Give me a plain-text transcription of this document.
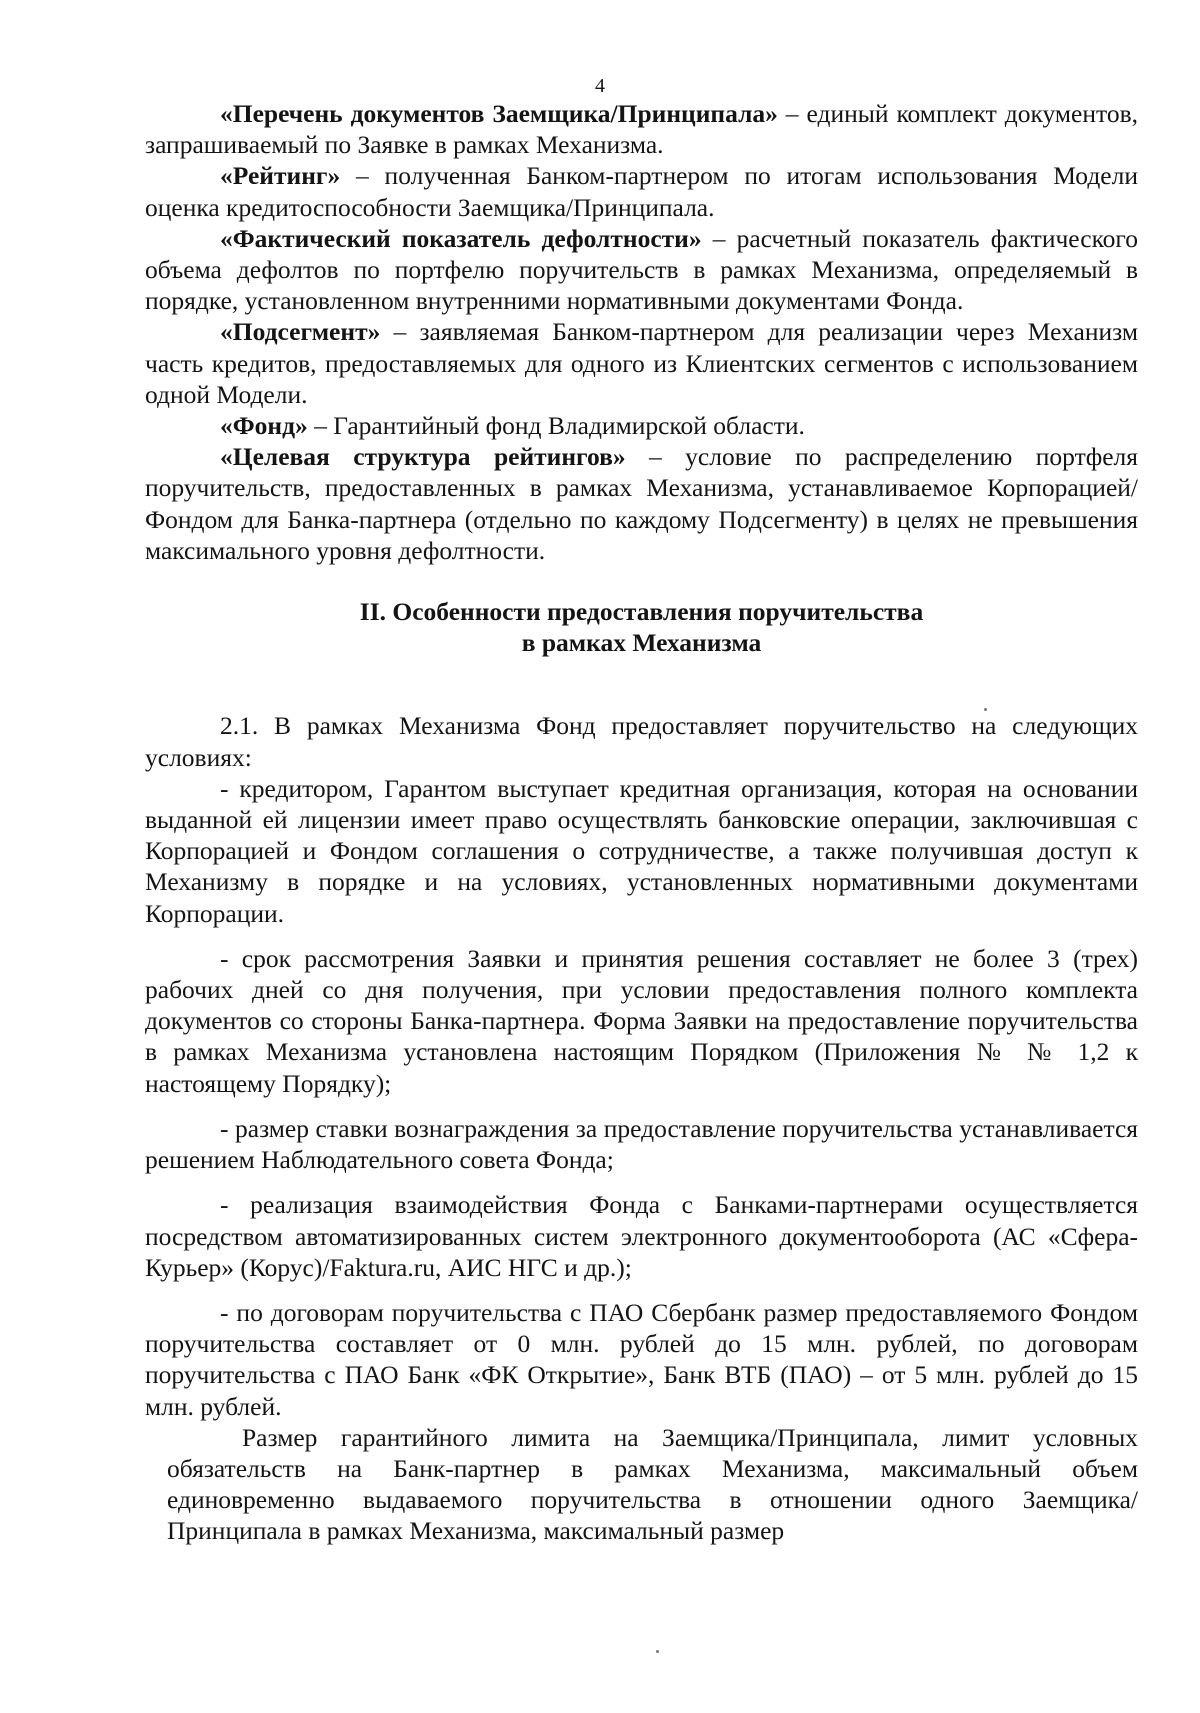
4

«Перечень документов Заемщика/Принципала» – единый комплект документов, запрашиваемый по Заявке в рамках Механизма.

«Рейтинг» – полученная Банком-партнером по итогам использования Модели оценка кредитоспособности Заемщика/Принципала.

«Фактический показатель дефолтности» – расчетный показатель фактического объема дефолтов по портфелю поручительств в рамках Механизма, определяемый в порядке, установленном внутренними нормативными документами Фонда.

«Подсегмент» – заявляемая Банком-партнером для реализации через Механизм часть кредитов, предоставляемых для одного из Клиентских сегментов с использованием одной Модели.

«Фонд» – Гарантийный фонд Владимирской области.

«Целевая структура рейтингов» – условие по распределению портфеля поручительств, предоставленных в рамках Механизма, устанавливаемое Корпорацией/Фондом для Банка-партнера (отдельно по каждому Подсегменту) в целях не превышения максимального уровня дефолтности.

II. Особенности предоставления поручительства
в рамках Механизма

2.1. В рамках Механизма Фонд предоставляет поручительство на следующих условиях:

- кредитором, Гарантом выступает кредитная организация, которая на основании выданной ей лицензии имеет право осуществлять банковские операции, заключившая с Корпорацией и Фондом соглашения о сотрудничестве, а также получившая доступ к Механизму в порядке и на условиях, установленных нормативными документами Корпорации.

- срок рассмотрения Заявки и принятия решения составляет не более 3 (трех) рабочих дней со дня получения, при условии предоставления полного комплекта документов со стороны Банка-партнера. Форма Заявки на предоставление поручительства в рамках Механизма установлена настоящим Порядком (Приложения № № 1,2 к настоящему Порядку);

- размер ставки вознаграждения за предоставление поручительства устанавливается решением Наблюдательного совета Фонда;

- реализация взаимодействия Фонда с Банками-партнерами осуществляется посредством автоматизированных систем электронного документооборота (АС «Сфера-Курьер» (Корус)/Faktura.ru, АИС НГС и др.);

- по договорам поручительства с ПАО Сбербанк размер предоставляемого Фондом поручительства составляет от 0 млн. рублей до 15 млн. рублей, по договорам поручительства с ПАО Банк «ФК Открытие», Банк ВТБ (ПАО) – от 5 млн. рублей до 15 млн. рублей.

Размер гарантийного лимита на Заемщика/Принципала, лимит условных обязательств на Банк-партнер в рамках Механизма, максимальный объем единовременно выдаваемого поручительства в отношении одного Заемщика/Принципала в рамках Механизма, максимальный размер
